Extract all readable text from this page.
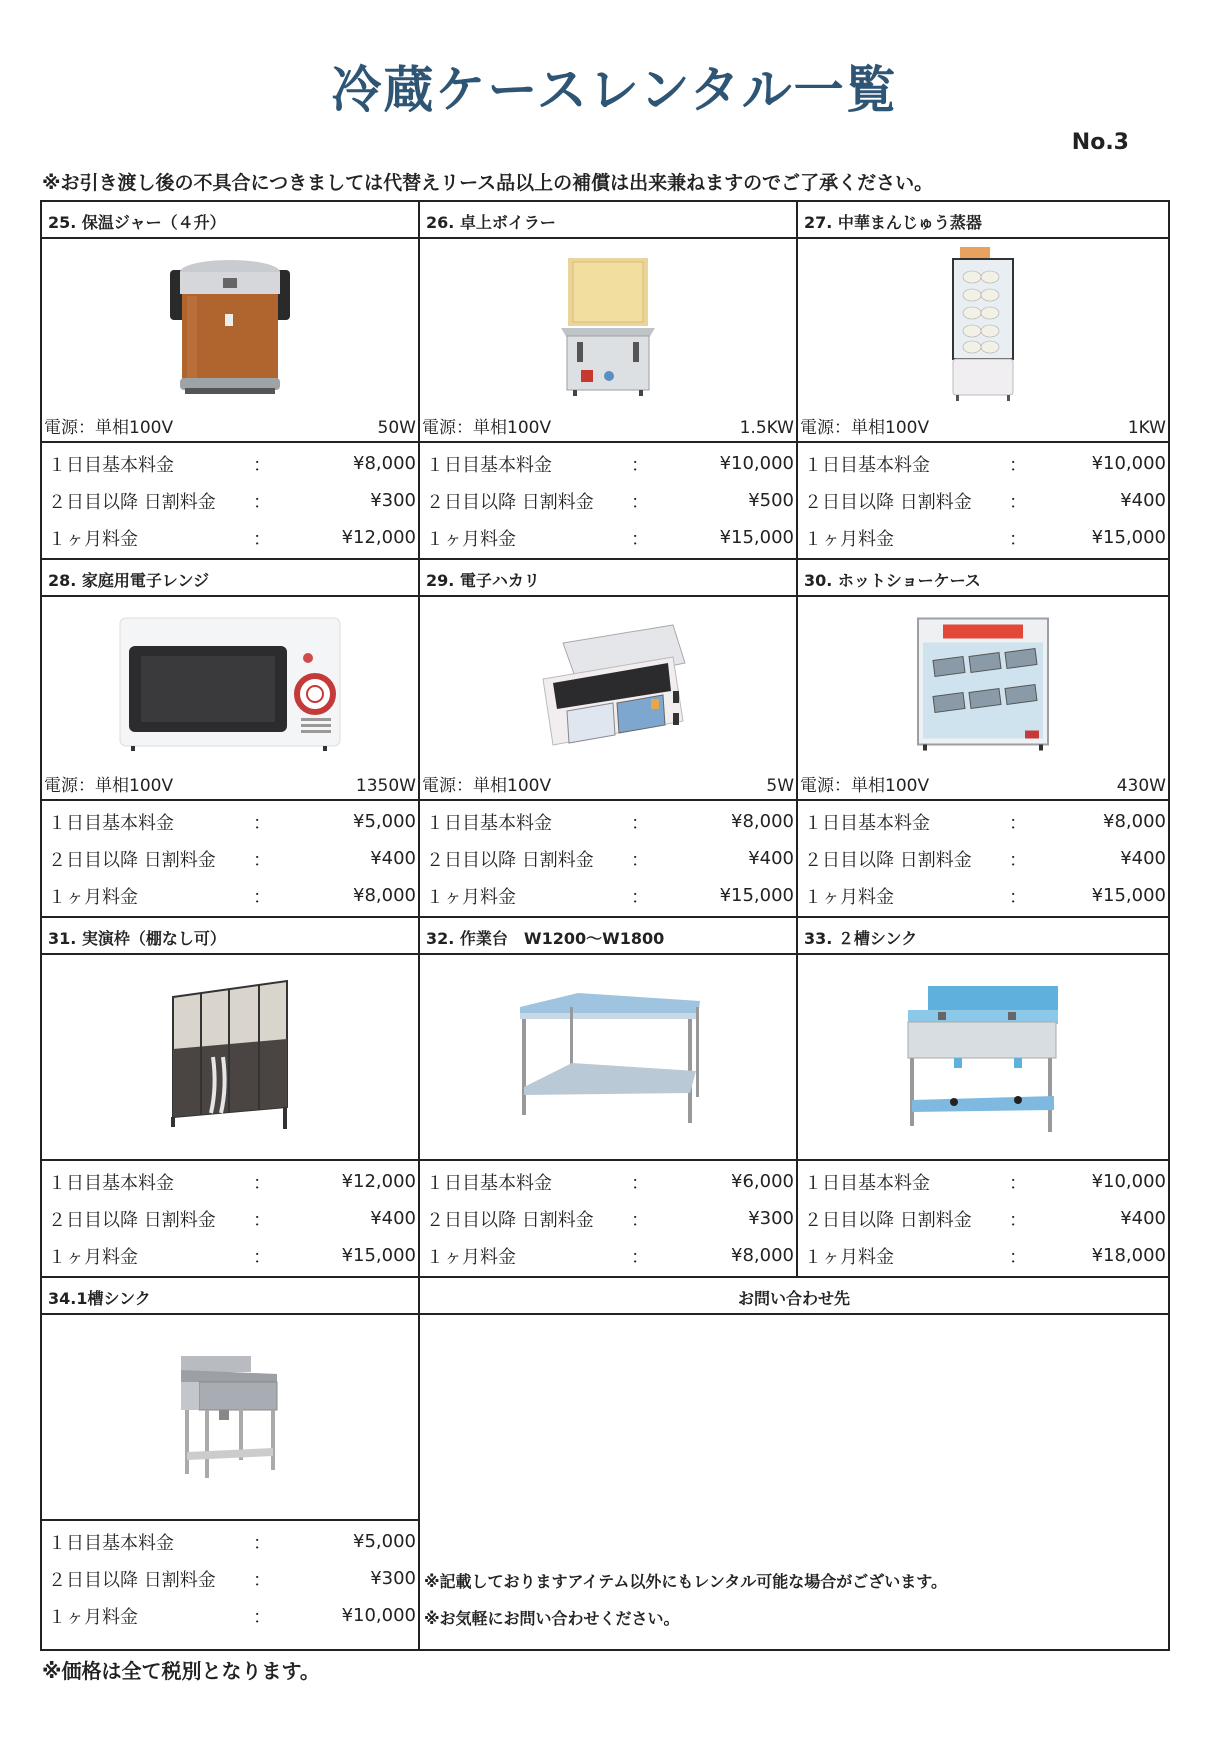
冷蔵ケースレンタル一覧
No.3
※お引き渡し後の不具合につきましては代替えリース品以上の補償は出来兼ねますのでご了承ください。
25. 保温ジャー（４升）
電源：単相100V	50W
１日目基本料金	：	¥8,000
２日目以降 日割料金	：	¥300
１ヶ月料金	：	¥12,000
26. 卓上ボイラー
電源：単相100V	1.5KW
１日目基本料金	：	¥10,000
２日目以降 日割料金	：	¥500
１ヶ月料金	：	¥15,000
27. 中華まんじゅう蒸器
電源：単相100V	1KW
１日目基本料金	：	¥10,000
２日目以降 日割料金	：	¥400
１ヶ月料金	：	¥15,000
28. 家庭用電子レンジ
電源：単相100V	1350W
１日目基本料金	：	¥5,000
２日目以降 日割料金	：	¥400
１ヶ月料金	：	¥8,000
29. 電子ハカリ
電源：単相100V	5W
１日目基本料金	：	¥8,000
２日目以降 日割料金	：	¥400
１ヶ月料金	：	¥15,000
30. ホットショーケース
電源：単相100V	430W
１日目基本料金	：	¥8,000
２日目以降 日割料金	：	¥400
１ヶ月料金	：	¥15,000
31. 実演枠（棚なし可）
１日目基本料金	：	¥12,000
２日目以降 日割料金	：	¥400
１ヶ月料金	：	¥15,000
32. 作業台　W1200～W1800
１日目基本料金	：	¥6,000
２日目以降 日割料金	：	¥300
１ヶ月料金	：	¥8,000
33. ２槽シンク
１日目基本料金	：	¥10,000
２日目以降 日割料金	：	¥400
１ヶ月料金	：	¥18,000
34.1槽シンク
１日目基本料金	：	¥5,000
２日目以降 日割料金	：	¥300
１ヶ月料金	：	¥10,000
お問い合わせ先
※記載しておりますアイテム以外にもレンタル可能な場合がございます。
※お気軽にお問い合わせください。
※価格は全て税別となります。
